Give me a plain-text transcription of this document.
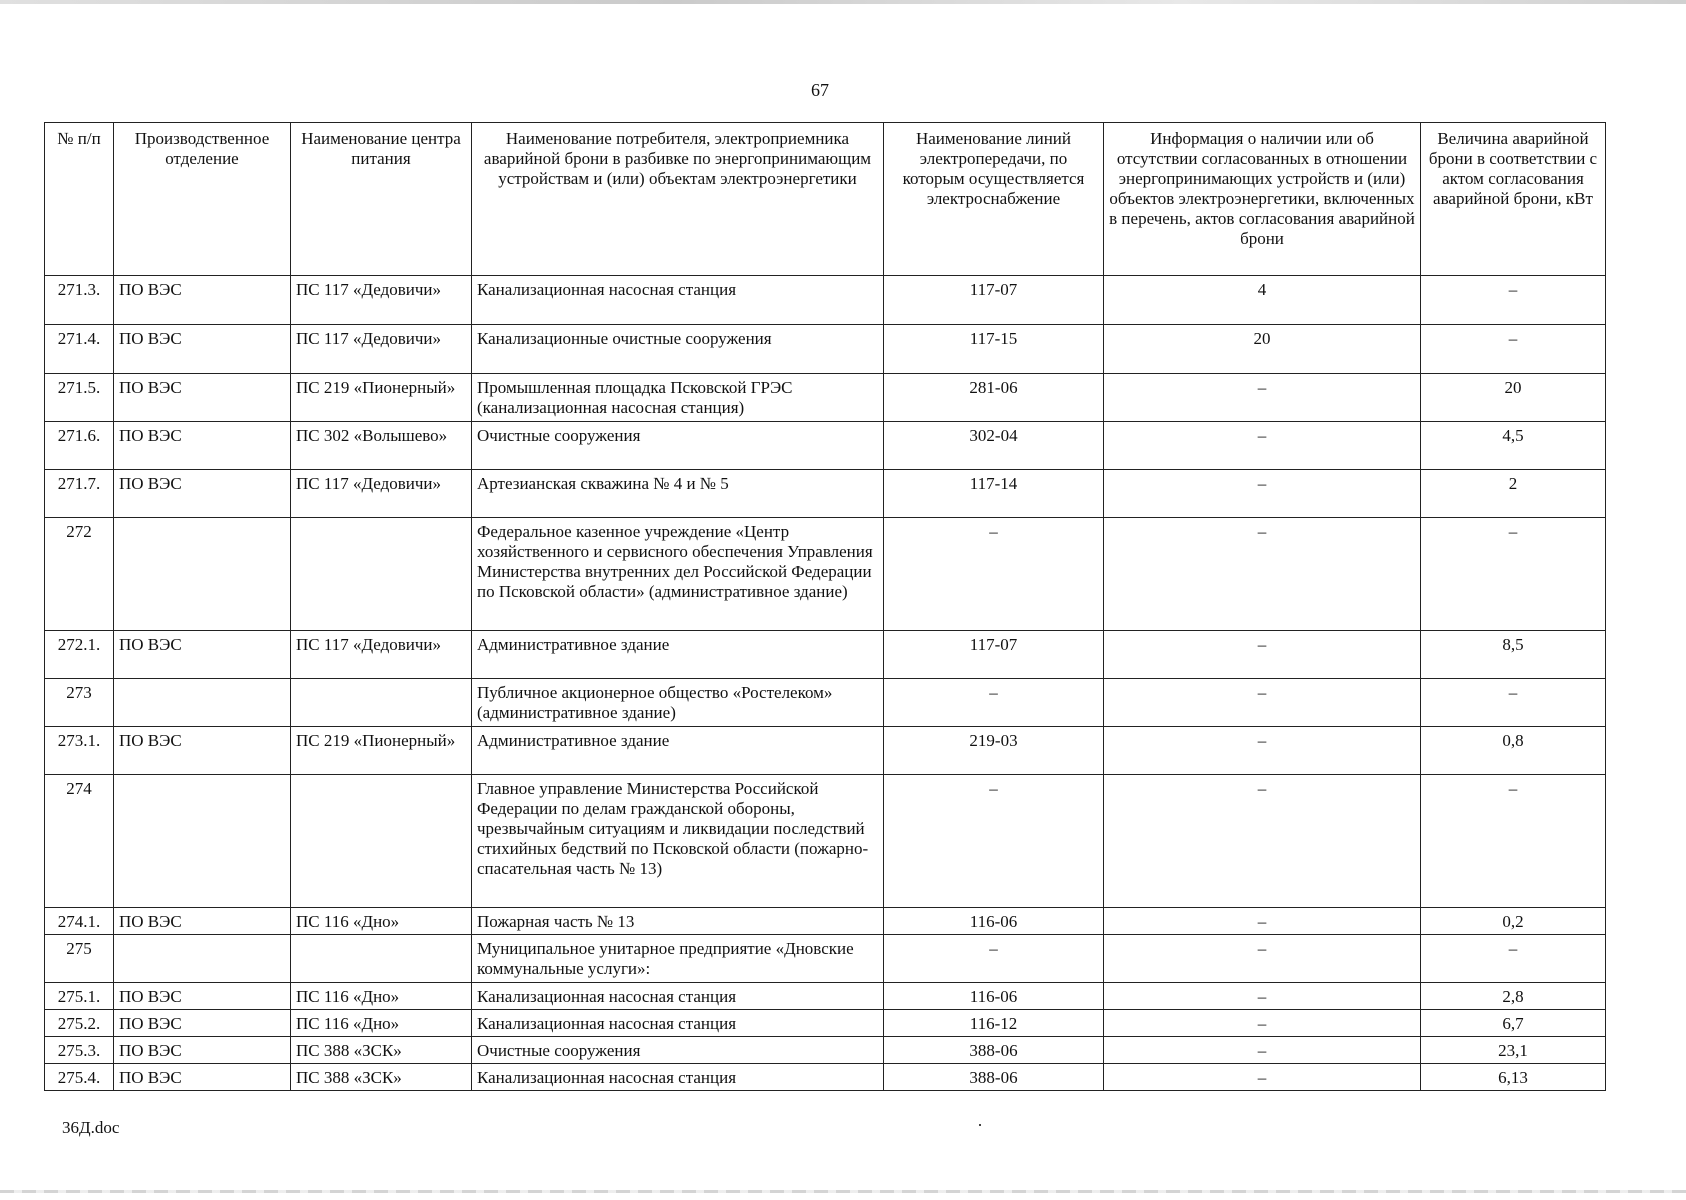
67
№ п/п	Производственное отделение	Наименование центра питания	Наименование потребителя, электроприемника аварийной брони в разбивке по энергопринимающим устройствам и (или) объектам электроэнергетики	Наименование линий электропередачи, по которым осуществляется электроснабжение	Информация о наличии или об отсутствии согласованных в отношении энергопринимающих устройств и (или) объектов электроэнергетики, включенных в перечень, актов согласования аварийной брони	Величина аварийной брони в соответствии с актом согласования аварийной брони, кВт
271.3.	ПО ВЭС	ПС 117 «Дедовичи»	Канализационная насосная станция	117-07	4	–
271.4.	ПО ВЭС	ПС 117 «Дедовичи»	Канализационные очистные сооружения	117-15	20	–
271.5.	ПО ВЭС	ПС 219 «Пионерный»	Промышленная площадка Псковской ГРЭС (канализационная насосная станция)	281-06	–	20
271.6.	ПО ВЭС	ПС 302 «Волышево»	Очистные сооружения	302-04	–	4,5
271.7.	ПО ВЭС	ПС 117 «Дедовичи»	Артезианская скважина № 4 и № 5	117-14	–	2
272			Федеральное казенное учреждение «Центр хозяйственного и сервисного обеспечения Управления Министерства внутренних дел Российской Федерации по Псковской области» (административное здание)	–	–	–
272.1.	ПО ВЭС	ПС 117 «Дедовичи»	Административное здание	117-07	–	8,5
273			Публичное акционерное общество «Ростелеком» (административное здание)	–	–	–
273.1.	ПО ВЭС	ПС 219 «Пионерный»	Административное здание	219-03	–	0,8
274			Главное управление Министерства Российской Федерации по делам гражданской обороны, чрезвычайным ситуациям и ликвидации последствий стихийных бедствий по Псковской области (пожарно-спасательная часть № 13)	–	–	–
274.1.	ПО ВЭС	ПС 116 «Дно»	Пожарная часть № 13	116-06	–	0,2
275			Муниципальное унитарное предприятие «Дновские коммунальные услуги»:	–	–	–
275.1.	ПО ВЭС	ПС 116 «Дно»	Канализационная насосная станция	116-06	–	2,8
275.2.	ПО ВЭС	ПС 116 «Дно»	Канализационная насосная станция	116-12	–	6,7
275.3.	ПО ВЭС	ПС 388 «ЗСК»	Очистные сооружения	388-06	–	23,1
275.4.	ПО ВЭС	ПС 388 «ЗСК»	Канализационная насосная станция	388-06	–	6,13
36Д.doc
